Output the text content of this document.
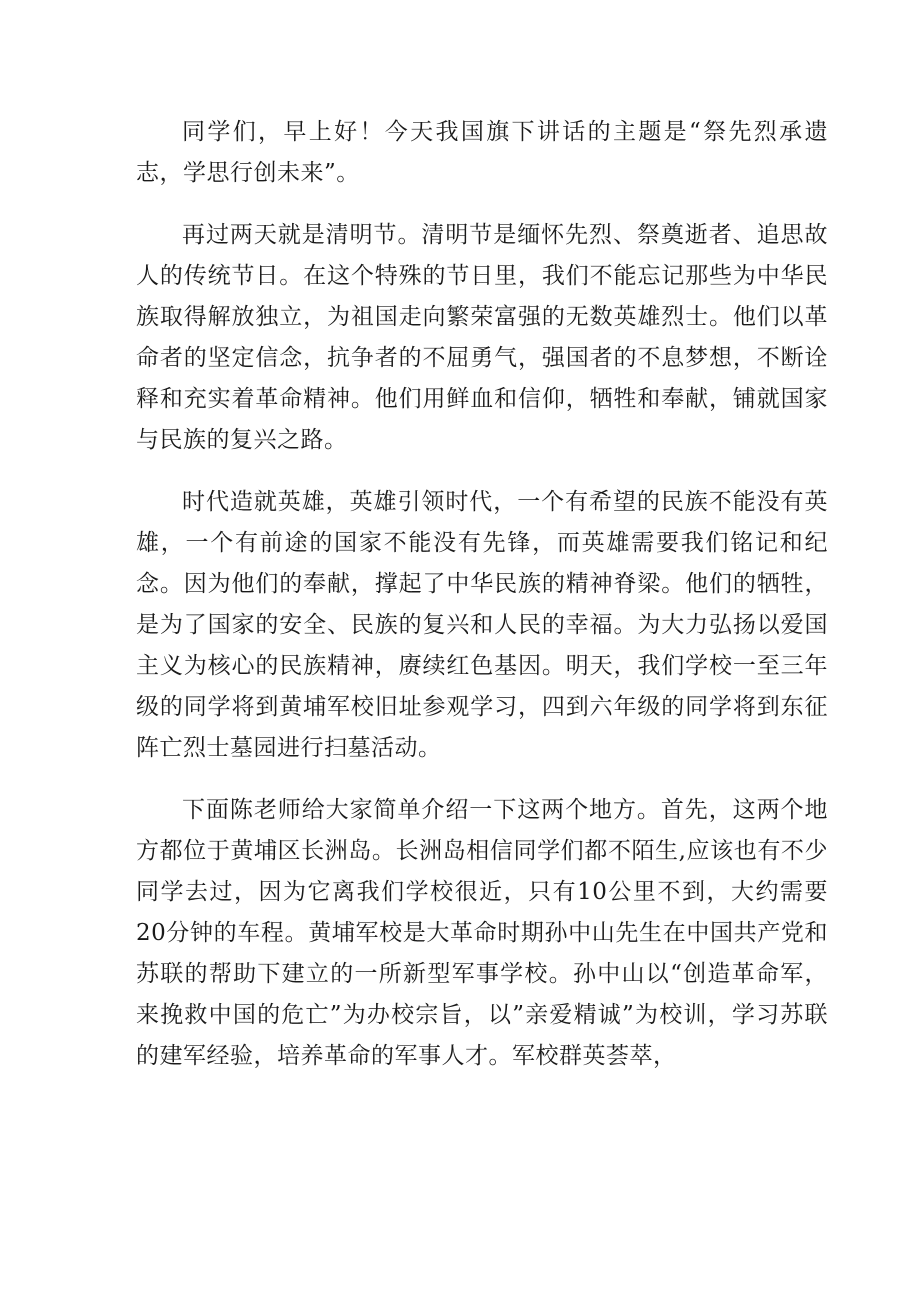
同学们，早上好！今天我国旗下讲话的主题是“祭先烈承遗志，学思行创未来”。

再过两天就是清明节。清明节是缅怀先烈、祭奠逝者、追思故人的传统节日。在这个特殊的节日里，我们不能忘记那些为中华民族取得解放独立，为祖国走向繁荣富强的无数英雄烈士。他们以革命者的坚定信念，抗争者的不屈勇气，强国者的不息梦想，不断诠释和充实着革命精神。他们用鲜血和信仰，牺牲和奉献，铺就国家与民族的复兴之路。

时代造就英雄，英雄引领时代，一个有希望的民族不能没有英雄，一个有前途的国家不能没有先锋，而英雄需要我们铭记和纪念。因为他们的奉献，撑起了中华民族的精神脊梁。他们的牺牲，是为了国家的安全、民族的复兴和人民的幸福。为大力弘扬以爱国主义为核心的民族精神，赓续红色基因。明天，我们学校一至三年级的同学将到黄埔军校旧址参观学习，四到六年级的同学将到东征阵亡烈士墓园进行扫墓活动。

下面陈老师给大家简单介绍一下这两个地方。首先，这两个地方都位于黄埔区长洲岛。长洲岛相信同学们都不陌生,应该也有不少同学去过，因为它离我们学校很近，只有10公里不到，大约需要20分钟的车程。黄埔军校是大革命时期孙中山先生在中国共产党和苏联的帮助下建立的一所新型军事学校。孙中山以“创造革命军，来挽救中国的危亡”为办校宗旨，以”亲爱精诚”为校训，学习苏联的建军经验，培养革命的军事人才。军校群英荟萃，
